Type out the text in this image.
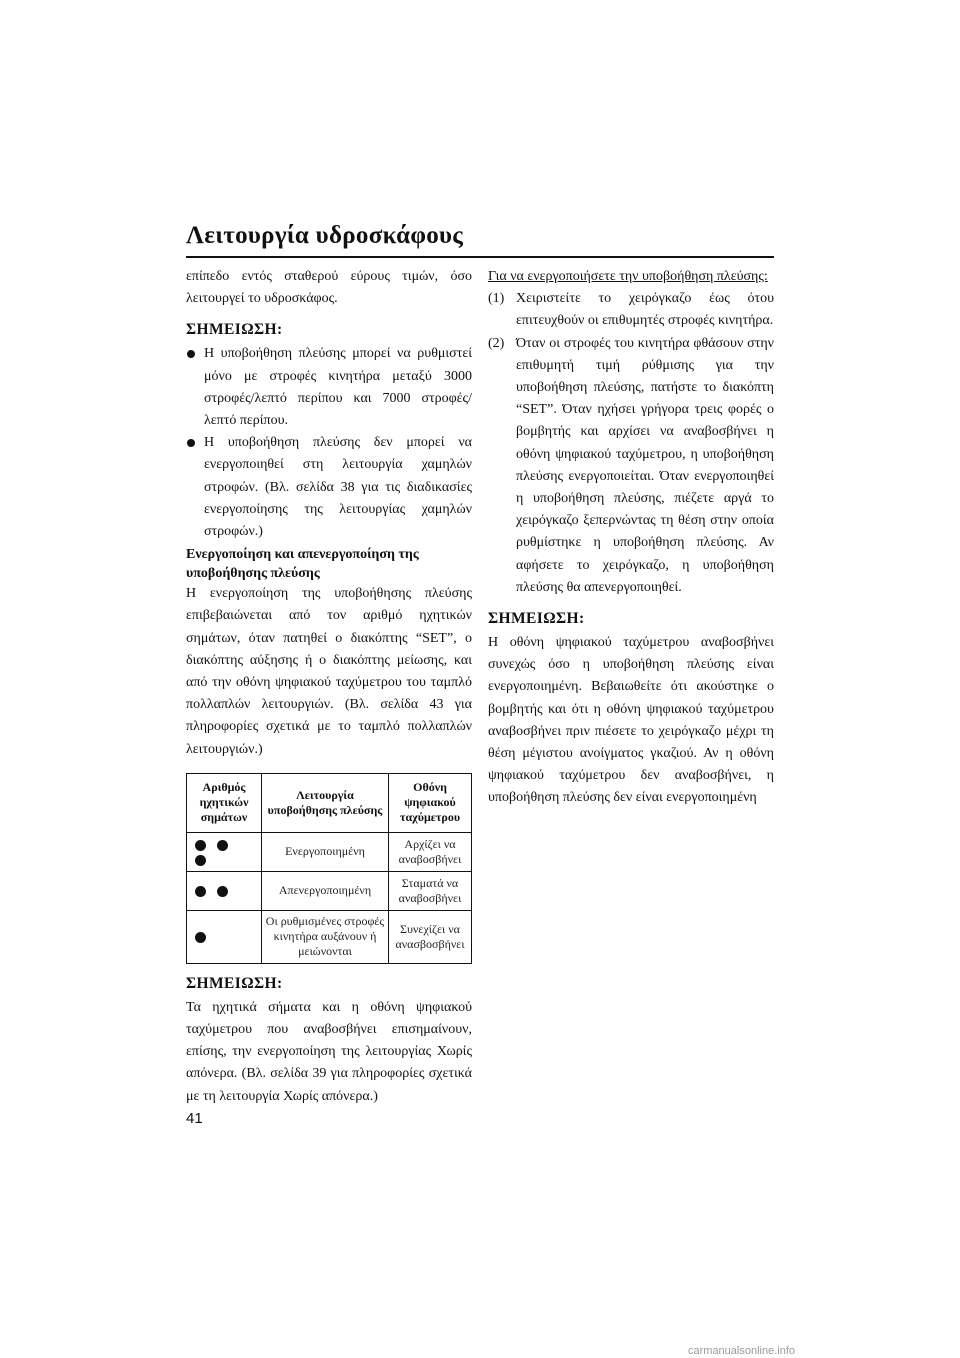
Λειτουργία υδροσκάφους

επίπεδο εντός σταθερού εύρους τιμών, όσο λειτουργεί το υδροσκάφος.

ΣΗΜΕΙΩΣΗ:
Η υποβοήθηση πλεύσης μπορεί να ρυθμιστεί μόνο με στροφές κινητήρα μεταξύ 3000 στροφές/λεπτό περίπου και 7000 στροφές/λεπτό περίπου.
Η υποβοήθηση πλεύσης δεν μπορεί να ενεργοποιηθεί στη λειτουργία χαμηλών στροφών. (Βλ. σελίδα 38 για τις διαδικασίες ενεργοποίησης της λειτουργίας χαμηλών στροφών.)
Ενεργοποίηση και απενεργοποίηση της υποβοήθησης πλεύσης

Η ενεργοποίηση της υποβοήθησης πλεύσης επιβεβαιώνεται από τον αριθμό ηχητικών σημάτων, όταν πατηθεί ο διακόπτης “SET”, ο διακόπτης αύξησης ή ο διακόπτης μείωσης, και από την οθόνη ψηφιακού ταχύμετρου του ταμπλό πολλαπλών λειτουργιών. (Βλ. σελίδα 43 για πληροφορίες σχετικά με το ταμπλό πολλαπλών λειτουργιών.)

Αριθμός ηχητικών σημάτων	Λειτουργία υποβοήθησης πλεύσης	Οθόνη ψηφιακού ταχύμετρου
	Ενεργοποιημένη	Αρχίζει να αναβοσβήνει
	Απενεργοποιημένη	Σταματά να αναβοσβήνει
	Οι ρυθμισμένες στροφές κινητήρα αυξάνουν ή μειώνονται	Συνεχίζει να ανασβοσβήνει
ΣΗΜΕΙΩΣΗ:

Τα ηχητικά σήματα και η οθόνη ψηφιακού ταχύμετρου που αναβοσβήνει επισημαίνουν, επίσης, την ενεργοποίηση της λειτουργίας Χωρίς απόνερα. (Βλ. σελίδα 39 για πληροφορίες σχετικά με τη λειτουργία Χωρίς απόνερα.)

Για να ενεργοποιήσετε την υποβοήθηση πλεύσης:

(1) Χειριστείτε το χειρόγκαζο έως ότου επιτευχθούν οι επιθυμητές στροφές κινητήρα.
(2) Όταν οι στροφές του κινητήρα φθάσουν στην επιθυμητή τιμή ρύθμισης για την υποβοήθηση πλεύσης, πατήστε το διακόπτη “SET”. Όταν ηχήσει γρήγορα τρεις φορές ο βομβητής και αρχίσει να αναβοσβήνει η οθόνη ψηφιακού ταχύμετρου, η υποβοήθηση πλεύσης ενεργοποιείται. Όταν ενεργοποιηθεί η υποβοήθηση πλεύσης, πιέζετε αργά το χειρόγκαζο ξεπερνώντας τη θέση στην οποία ρυθμίστηκε η υποβοήθηση πλεύσης. Αν αφήσετε το χειρόγκαζο, η υποβοήθηση πλεύσης θα απενεργοποιηθεί.
ΣΗΜΕΙΩΣΗ:

Η οθόνη ψηφιακού ταχύμετρου αναβοσβήνει συνεχώς όσο η υποβοήθηση πλεύσης είναι ενεργοποιημένη. Βεβαιωθείτε ότι ακούστηκε ο βομβητής και ότι η οθόνη ψηφιακού ταχύμετρου αναβοσβήνει πριν πιέσετε το χειρόγκαζο μέχρι τη θέση μέγιστου ανοίγματος γκαζιού. Αν η οθόνη ψηφιακού ταχύμετρου δεν αναβοσβήνει, η υποβοήθηση πλεύσης δεν είναι ενεργοποιημένη

41
carmanualsonline.info
